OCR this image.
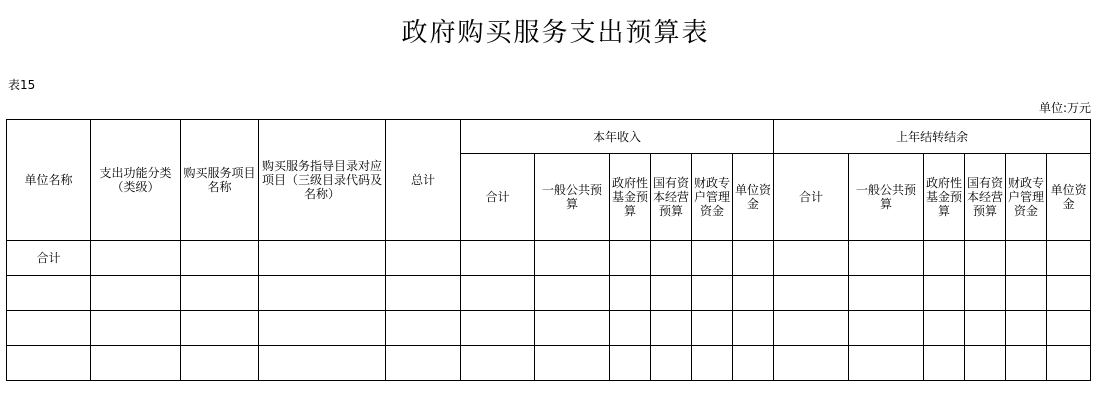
政府购买服务支出预算表
表15
单位:万元
单位名称	支出功能分类（类级）	购买服务项目名称	购买服务指导目录对应项目（三级目录代码及名称）	总计	本年收入						上年结转结余					
					合计	一般公共预算	政府性基金预算	国有资本经营预算	财政专户管理资金	单位资金	合计	一般公共预算	政府性基金预算	国有资本经营预算	财政专户管理资金	单位资金
合计																
